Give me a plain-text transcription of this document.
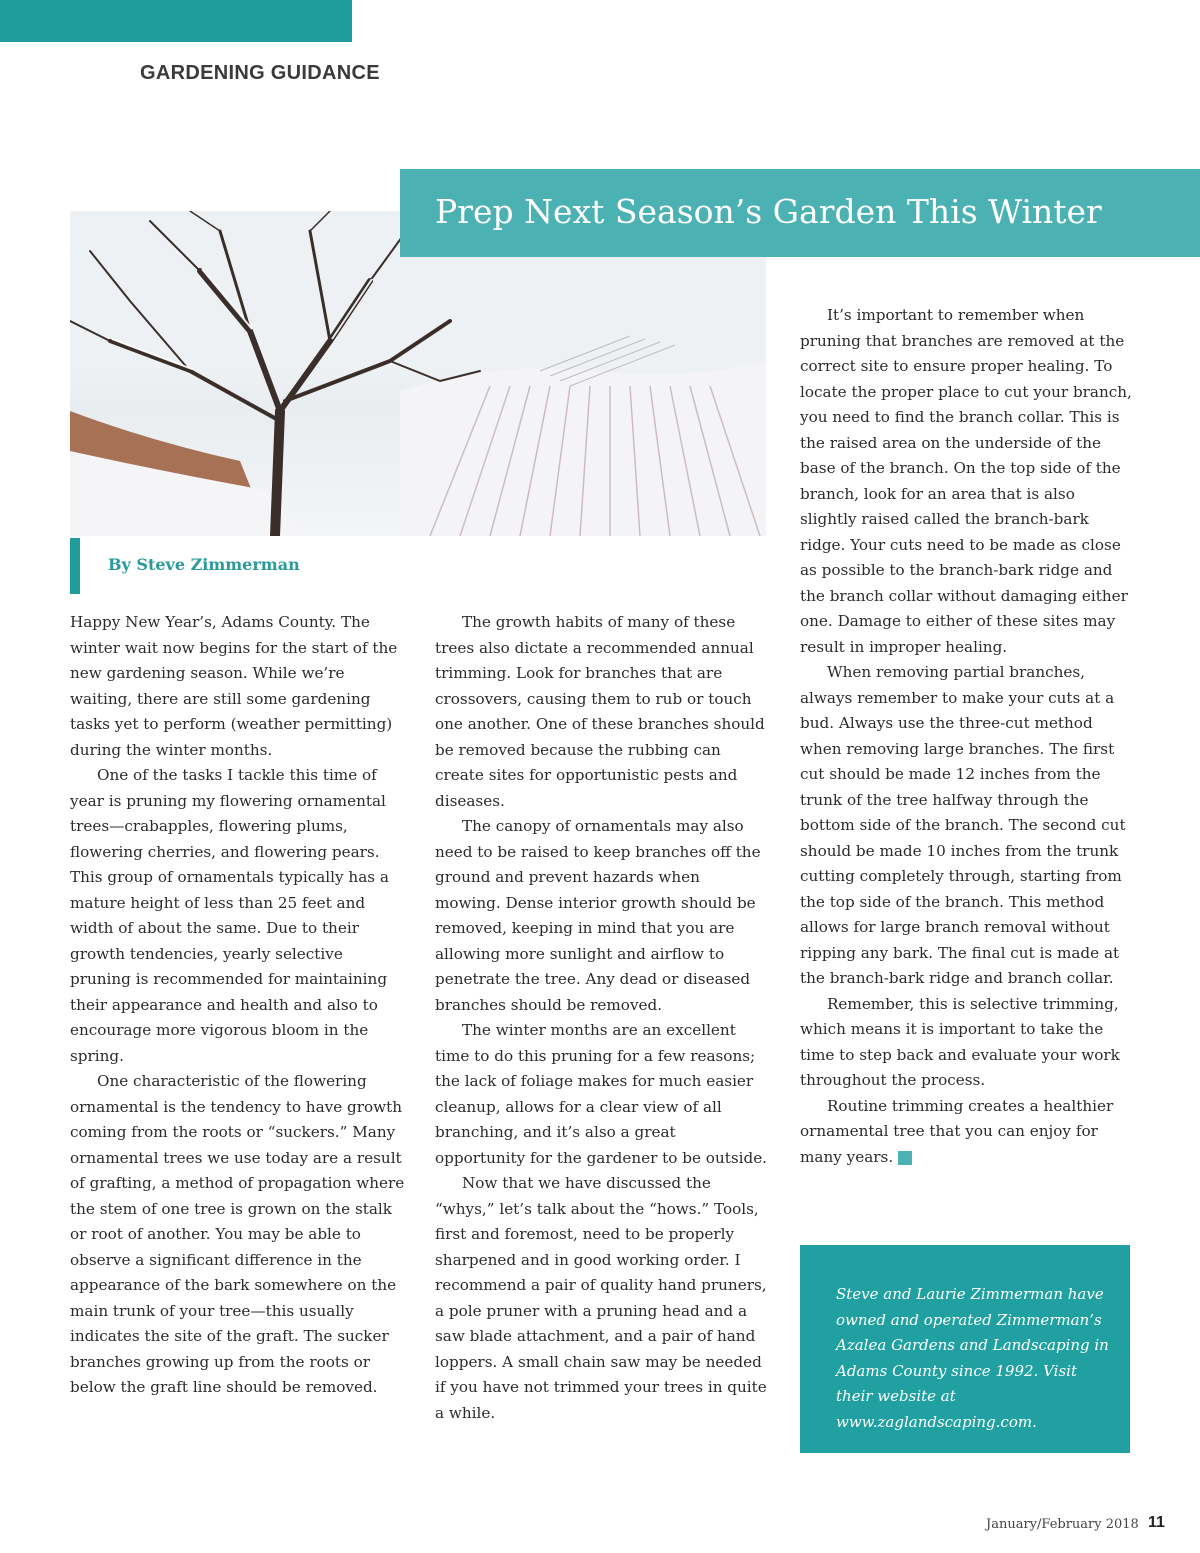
GARDENING GUIDANCE
Prep Next Season’s Garden This Winter
By Steve Zimmerman

Happy New Year’s, Adams County. The winter wait now begins for the start of the new gardening season. While we’re waiting, there are still some gardening tasks yet to perform (weather permitting) during the winter months.

One of the tasks I tackle this time of year is pruning my flowering ornamental trees—crabapples, flowering plums, flowering cherries, and flowering pears. This group of ornamentals typically has a mature height of less than 25 feet and width of about the same. Due to their growth tendencies, yearly selective pruning is recommended for maintaining their appearance and health and also to encourage more vigorous bloom in the spring.

One characteristic of the flowering ornamental is the tendency to have growth coming from the roots or “suckers.” Many ornamental trees we use today are a result of grafting, a method of propagation where the stem of one tree is grown on the stalk or root of another. You may be able to observe a significant difference in the appearance of the bark somewhere on the main trunk of your tree—this usually indicates the site of the graft. The sucker branches growing up from the roots or below the graft line should be removed.

The growth habits of many of these trees also dictate a recommended annual trimming. Look for branches that are crossovers, causing them to rub or touch one another. One of these branches should be removed because the rubbing can create sites for opportunistic pests and diseases.

The canopy of ornamentals may also need to be raised to keep branches off the ground and prevent hazards when mowing. Dense interior growth should be removed, keeping in mind that you are allowing more sunlight and airflow to penetrate the tree. Any dead or diseased branches should be removed.

The winter months are an excellent time to do this pruning for a few reasons; the lack of foliage makes for much easier cleanup, allows for a clear view of all branching, and it’s also a great opportunity for the gardener to be outside.

Now that we have discussed the “whys,” let’s talk about the “hows.” Tools, first and foremost, need to be properly sharpened and in good working order. I recommend a pair of quality hand pruners, a pole pruner with a pruning head and a saw blade attachment, and a pair of hand loppers. A small chain saw may be needed if you have not trimmed your trees in quite a while.

It’s important to remember when pruning that branches are removed at the correct site to ensure proper healing. To locate the proper place to cut your branch, you need to find the branch collar. This is the raised area on the underside of the base of the branch. On the top side of the branch, look for an area that is also slightly raised called the branch-bark ridge. Your cuts need to be made as close as possible to the branch-bark ridge and the branch collar without damaging either one. Damage to either of these sites may result in improper healing.

When removing partial branches, always remember to make your cuts at a bud. Always use the three-cut method when removing large branches. The first cut should be made 12 inches from the trunk of the tree halfway through the bottom side of the branch. The second cut should be made 10 inches from the trunk cutting completely through, starting from the top side of the branch. This method allows for large branch removal without ripping any bark. The final cut is made at the branch-bark ridge and branch collar.

Remember, this is selective trimming, which means it is important to take the time to step back and evaluate your work throughout the process.

Routine trimming creates a healthier ornamental tree that you can enjoy for many years.	G

Steve and Laurie Zimmerman have owned and operated Zimmerman’s Azalea Gardens and Landscaping in Adams County since 1992. Visit their website at www.zaglandscaping.com.
January/February 2018 11
